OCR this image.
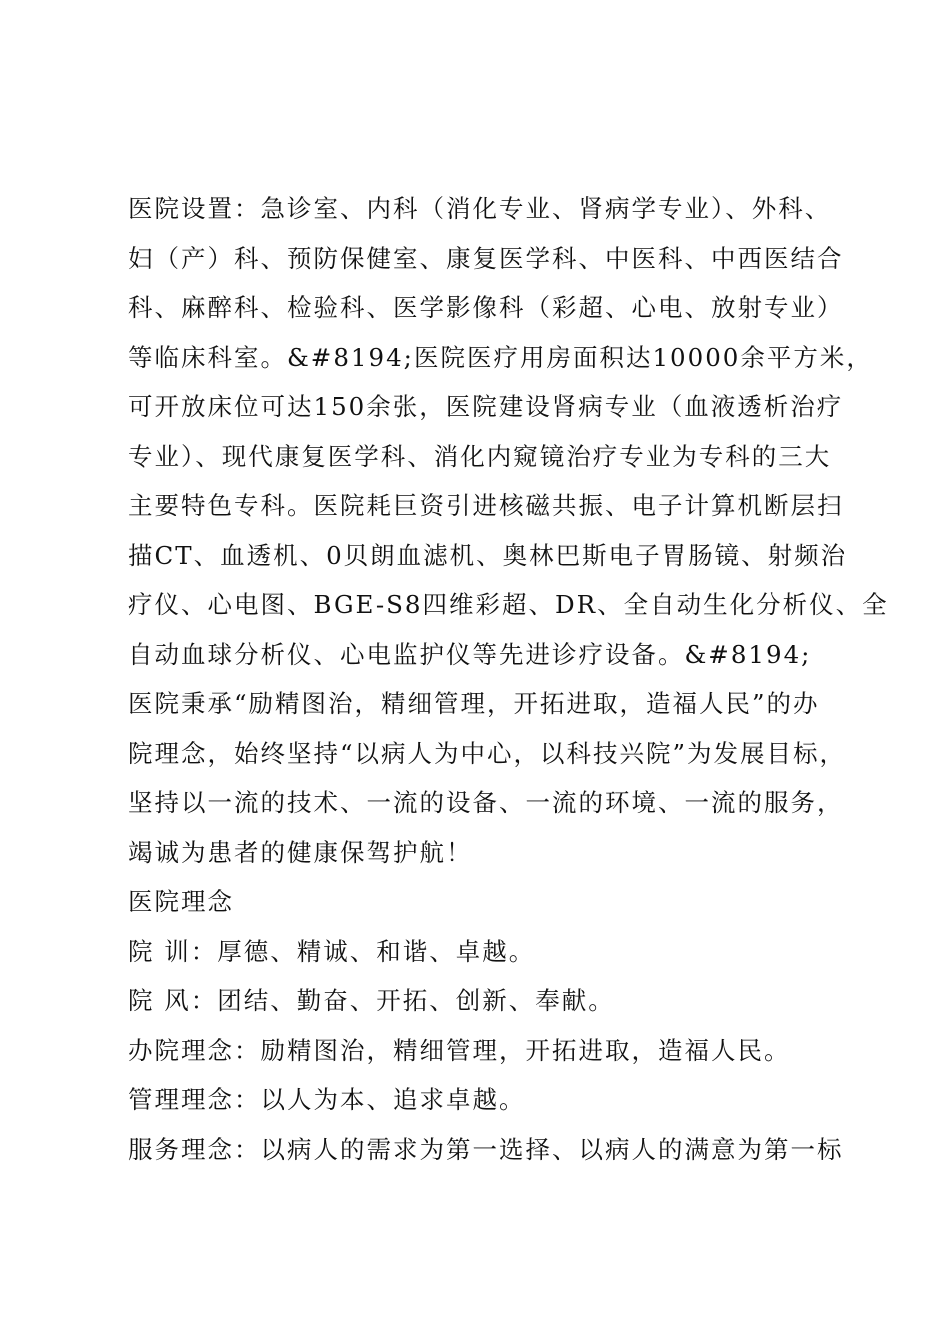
医院设置：急诊室、内科（消化专业、肾病学专业）、外科、
妇（产）科、预防保健室、康复医学科、中医科、中西医结合
科、麻醉科、检验科、医学影像科（彩超、心电、放射专业）
等临床科室。&#8194;医院医疗用房面积达10000余平方米，
可开放床位可达150余张，医院建设肾病专业（血液透析治疗
专业）、现代康复医学科、消化内窥镜治疗专业为专科的三大
主要特色专科。医院耗巨资引进核磁共振、电子计算机断层扫
描CT、血透机、0贝朗血滤机、奥林巴斯电子胃肠镜、射频治
疗仪、心电图、BGE-S8四维彩超、DR、全自动生化分析仪、全
自动血球分析仪、心电监护仪等先进诊疗设备。&#8194;
医院秉承“励精图治，精细管理，开拓进取，造福人民”的办
院理念，始终坚持“以病人为中心，以科技兴院”为发展目标，
坚持以一流的技术、一流的设备、一流的环境、一流的服务，
竭诚为患者的健康保驾护航！
医院理念
院 训：厚德、精诚、和谐、卓越。
院 风：团结、勤奋、开拓、创新、奉献。
办院理念：励精图治，精细管理，开拓进取，造福人民。
管理理念：以人为本、追求卓越。
服务理念：以病人的需求为第一选择、以病人的满意为第一标
